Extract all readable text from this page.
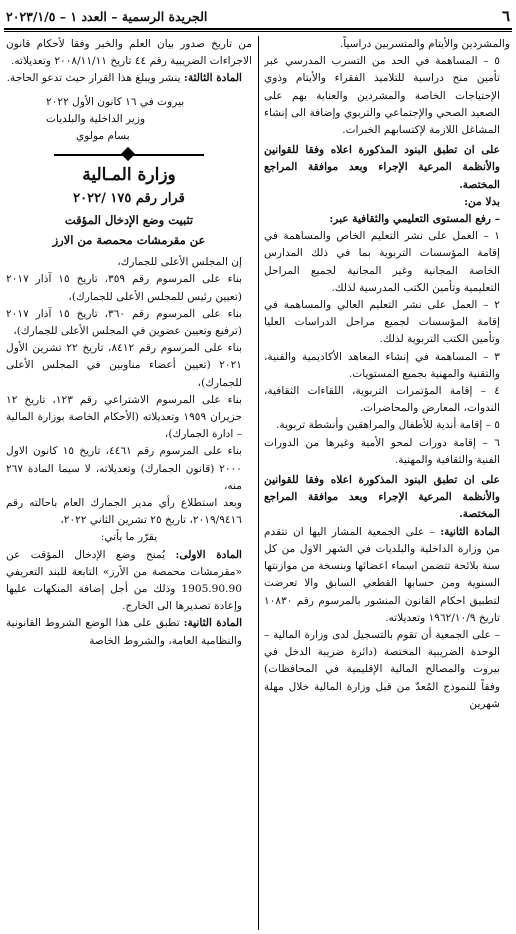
٦
الجريدة الرسمية – العدد ١ – ٢٠٢٣/١/٥

والمشردين والأيتام والمتسربين دراسياً.

٥ – المساهمة في الحد من التسرب المدرسي عبر تأمين منح دراسية للتلاميذ الفقراء والأيتام وذوي الإحتياجات الخاصة والمشردين والعناية بهم على الصعيد الصحي والإجتماعي والتربوي وإضافة الى إنشاء المشاغل اللازمة لإكتسابهم الخبرات.

على ان تطبق البنود المذكورة اعلاه وفقا للقوانين والأنظمة المرعية الإجراء وبعد موافقة المراجع المختصة.

بدلا من:

– رفع المستوى التعليمي والثقافية عبر:

١ – العمل على نشر التعليم الخاص والمساهمة في إقامة المؤسسات التربوية بما في ذلك المدارس الخاصة المجانية وغير المجانية لجميع المراحل التعليمية وتأمين الكتب المدرسية لذلك.

٢ – العمل على نشر التعليم العالي والمساهمة في إقامة المؤسسات لجميع مراحل الدراسات العليا وتأمين الكتب التربوية لذلك.

٣ – المساهمة في إنشاء المعاهد الأكاديمية والفنية، والتقنية والمهنية بجميع المستويات.

٤ – إقامة المؤتمرات التربوية، اللقاءات الثقافية، الندوات، المعارض والمحاضرات.

٥ – إقامة أندية للأطفال والمراهقين وأنشطة تربوية.

٦ – إقامة دورات لمحو الأمية وغيرها من الدورات الفنية والثقافية والمهنية.

على ان تطبق البنود المذكورة اعلاه وفقا للقوانين والأنظمة المرعية الإجراء وبعد موافقة المراجع المختصة.

المادة الثانية: – على الجمعية المشار اليها ان تتقدم من وزارة الداخلية والبلديات في الشهر الاول من كل سنة بلائحة تتضمن اسماء اعضائها وبنسخة من موازنتها السنوية ومن حسابها القطعي السابق والا تعرضت لتطبيق احكام القانون المنشور بالمرسوم رقم ١٠٨٣٠ تاريخ ١٩٦٢/١٠/٩ وتعديلاته.

– على الجمعية أن تقوم بالتسجيل لدى وزارة المالية – الوحدة الضريبية المختصة (دائرة ضريبة الدخل في بيروت والمصالح المالية الإقليمية في المحافظات) وفقاً للنموذج المُعدّ من قبل وزارة المالية خلال مهلة شهرين

من تاريخ صدور بيان العلم والخبر وفقا لأحكام قانون الاجراءات الضريبية رقم ٤٤ تاريخ ٢٠٠٨/١١/١١ وتعديلاته.

المادة الثالثة: ينشر ويبلغ هذا القرار حيث تدعو الحاجة.

بيروت في ١٦ كانون الأول ٢٠٢٢

وزير الداخلية والبلديات

بسام مولوي

وزارة المـالية

قرار رقم ١٧٥ /٢٠٢٢

تثبيت وضع الإدخال المؤقت

عن مقرمشات محمصة من الارز

إن المجلس الأعلى للجمارك،

بناء على المرسوم رقم ٣٥٩، تاريخ ١٥ آذار ٢٠١٧ (تعيين رئيس للمجلس الأعلى للجمارك)،

بناء على المرسوم رقم ٣٦٠، تاريخ ١٥ آذار ٢٠١٧ (ترفيع وتعيين عضوين في المجلس الأعلى للجمارك)،

بناء على المرسوم رقم ٨٤١٢، تاريخ ٢٢ تشرين الأول ٢٠٢١ (تعيين أعضاء مناوبين في المجلس الأعلى للجمارك)،

بناء على المرسوم الاشتراعي رقم ١٢٣، تاريخ ١٢ حزيران ١٩٥٩ وتعديلاته (الأحكام الخاصة بوزارة المالية – ادارة الجمارك)،

بناء على المرسوم رقم ٤٤٦١، تاريخ ١٥ كانون الاول ٢٠٠٠ (قانون الجمارك) وتعديلاته، لا سيما المادة ٢٦٧ منه،

وبعد استطلاع رأي مدير الجمارك العام باحالته رقم ٢٠١٩/٩٤١٦، تاريخ ٢٥ تشرين الثاني ٢٠٢٢،

يقرّر ما يأتي:

المادة الاولى: يُمنح وضع الإدخال المؤقت عن «مقرمشات محمصة من الأرز» التابعة للبند التعريفي 1905.90.90 وذلك من أجل إضافة المنكهات عليها وإعادة تصديرها الى الخارج.

المادة الثانية: تطبق على هذا الوضع الشروط القانونية والنظامية العامة، والشروط الخاصة
